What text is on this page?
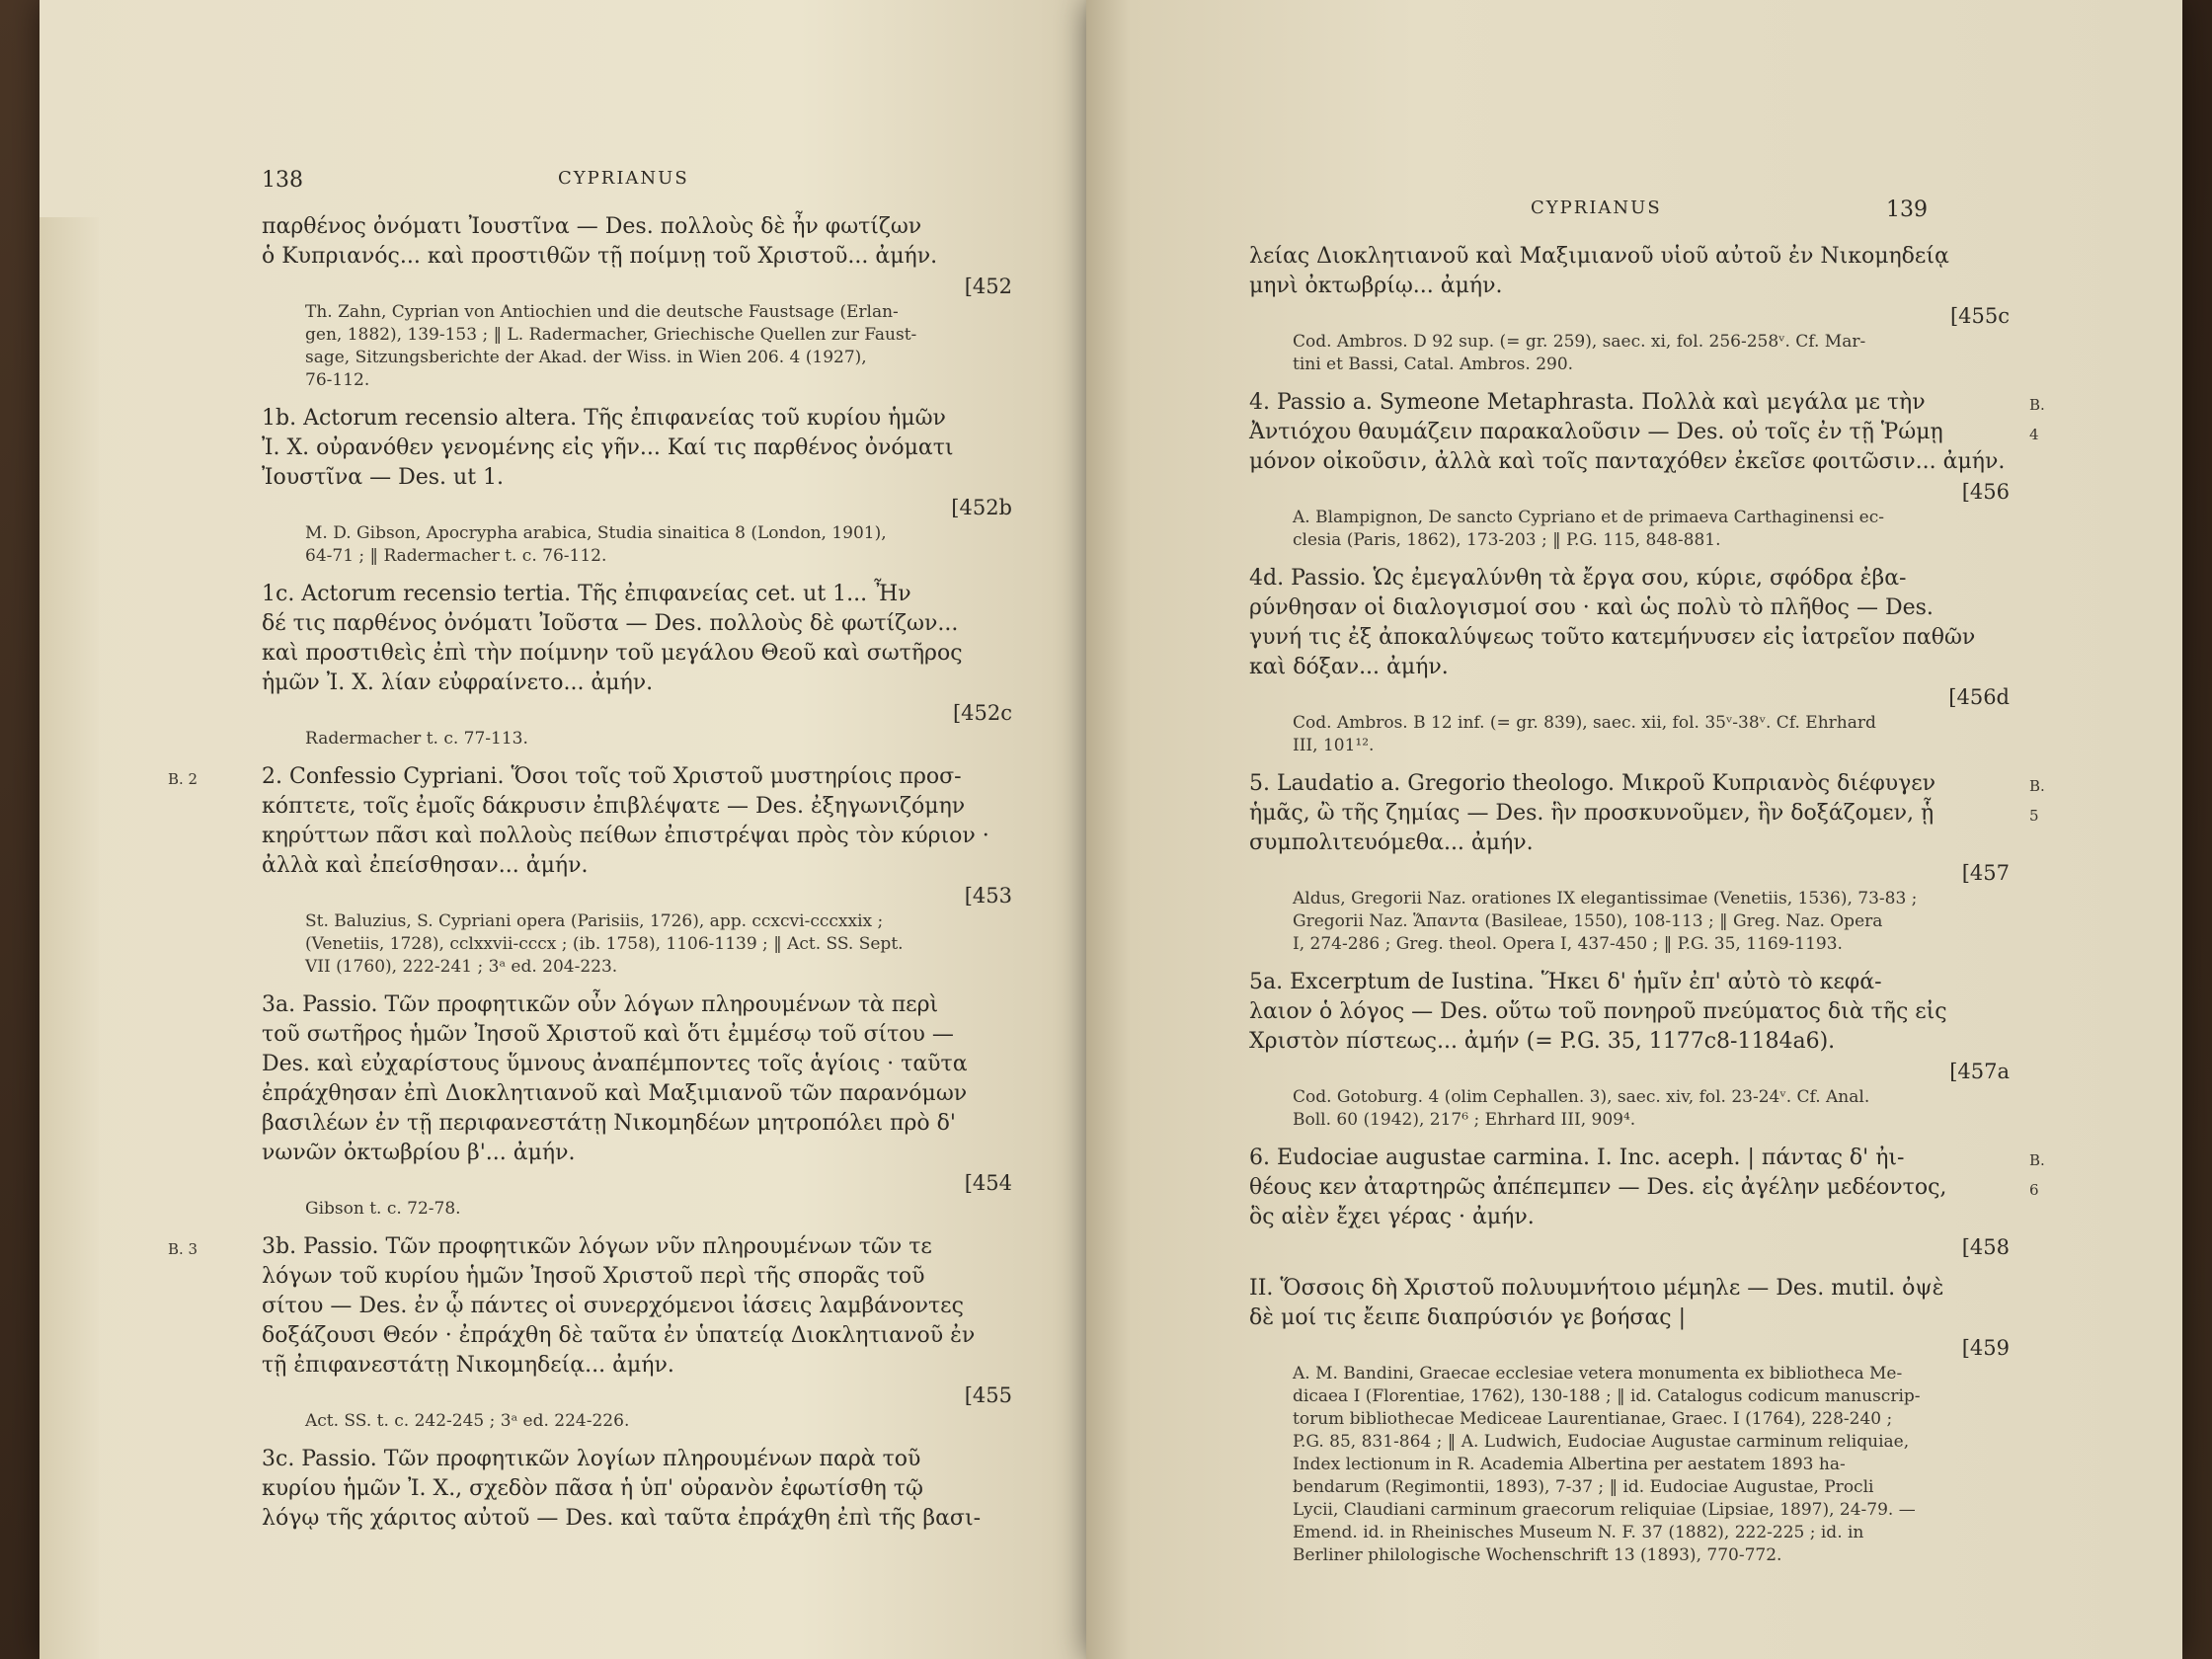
138	CYPRIANUS
παρθένος ὀνόματι Ἰουστῖνα — Des. πολλοὺς δὲ ἦν φωτίζων
ὁ Κυπριανός... καὶ προστιθῶν τῇ ποίμνῃ τοῦ Χριστοῦ... ἀμήν.
[452
Th. Zahn, Cyprian von Antiochien und die deutsche Faustsage (Erlan-
gen, 1882), 139-153 ; ‖ L. Radermacher, Griechische Quellen zur Faust-
sage, Sitzungsberichte der Akad. der Wiss. in Wien 206. 4 (1927),
76-112.
1b. Actorum recensio altera. Τῆς ἐπιφανείας τοῦ κυρίου ἡμῶν
Ἰ. Χ. οὐρανόθεν γενομένης εἰς γῆν... Καί τις παρθένος ὀνόματι
Ἰουστῖνα — Des. ut 1.
[452b
M. D. Gibson, Apocrypha arabica, Studia sinaitica 8 (London, 1901),
64-71 ; ‖ Radermacher t. c. 76-112.
1c. Actorum recensio tertia. Τῆς ἐπιφανείας cet. ut 1... Ἦν
δέ τις παρθένος ὀνόματι Ἰοῦστα — Des. πολλοὺς δὲ φωτίζων...
καὶ προστιθεὶς ἐπὶ τὴν ποίμνην τοῦ μεγάλου Θεοῦ καὶ σωτῆρος
ἡμῶν Ἰ. Χ. λίαν εὐφραίνετο... ἀμήν.
[452c
Radermacher t. c. 77-113.
B. 2	2. Confessio Cypriani. Ὅσοι τοῖς τοῦ Χριστοῦ μυστηρίοις προσ-
κόπτετε, τοῖς ἐμοῖς δάκρυσιν ἐπιβλέψατε — Des. ἐξηγωνιζόμην
κηρύττων πᾶσι καὶ πολλοὺς πείθων ἐπιστρέψαι πρὸς τὸν κύριον ·
ἀλλὰ καὶ ἐπείσθησαν... ἀμήν.
[453
St. Baluzius, S. Cypriani opera (Parisiis, 1726), app. ccxcvi-cccxxix ;
(Venetiis, 1728), cclxxvii-cccx ; (ib. 1758), 1106-1139 ; ‖ Act. SS. Sept.
VII (1760), 222-241 ; 3ᵃ ed. 204-223.
3a. Passio. Τῶν προφητικῶν οὖν λόγων πληρουμένων τὰ περὶ
τοῦ σωτῆρος ἡμῶν Ἰησοῦ Χριστοῦ καὶ ὅτι ἐμμέσῳ τοῦ σίτου —
Des. καὶ εὐχαρίστους ὕμνους ἀναπέμποντες τοῖς ἁγίοις · ταῦτα
ἐπράχθησαν ἐπὶ Διοκλητιανοῦ καὶ Μαξιμιανοῦ τῶν παρανόμων
βασιλέων ἐν τῇ περιφανεστάτῃ Νικομηδέων μητροπόλει πρὸ δ'
νωνῶν ὀκτωβρίου β'... ἀμήν.
[454
Gibson t. c. 72-78.
B. 3	3b. Passio. Τῶν προφητικῶν λόγων νῦν πληρουμένων τῶν τε
λόγων τοῦ κυρίου ἡμῶν Ἰησοῦ Χριστοῦ περὶ τῆς σπορᾶς τοῦ
σίτου — Des. ἐν ᾧ πάντες οἱ συνερχόμενοι ἰάσεις λαμβάνοντες
δοξάζουσι Θεόν · ἐπράχθη δὲ ταῦτα ἐν ὑπατείᾳ Διοκλητιανοῦ ἐν
τῇ ἐπιφανεστάτῃ Νικομηδείᾳ... ἀμήν.
[455
Act. SS. t. c. 242-245 ; 3ᵃ ed. 224-226.
3c. Passio. Τῶν προφητικῶν λογίων πληρουμένων παρὰ τοῦ
κυρίου ἡμῶν Ἰ. Χ., σχεδὸν πᾶσα ἡ ὑπ' οὐρανὸν ἐφωτίσθη τῷ
λόγῳ τῆς χάριτος αὐτοῦ — Des. καὶ ταῦτα ἐπράχθη ἐπὶ τῆς βασι-
CYPRIANUS	139
λείας Διοκλητιανοῦ καὶ Μαξιμιανοῦ υἱοῦ αὐτοῦ ἐν Νικομηδείᾳ
μηνὶ ὀκτωβρίῳ... ἀμήν.
[455c
Cod. Ambros. D 92 sup. (= gr. 259), saec. xi, fol. 256-258ᵛ. Cf. Mar-
tini et Bassi, Catal. Ambros. 290.
B. 4
4. Passio a. Symeone Metaphrasta. Πολλὰ καὶ μεγάλα με τὴν
Ἀντιόχου θαυμάζειν παρακαλοῦσιν — Des. οὐ τοῖς ἐν τῇ Ῥώμῃ
μόνον οἰκοῦσιν, ἀλλὰ καὶ τοῖς πανταχόθεν ἐκεῖσε φοιτῶσιν... ἀμήν.
[456
A. Blampignon, De sancto Cypriano et de primaeva Carthaginensi ec-
clesia (Paris, 1862), 173-203 ; ‖ P.G. 115, 848-881.
4d. Passio. Ὡς ἐμεγαλύνθη τὰ ἔργα σου, κύριε, σφόδρα ἐβα-
ρύνθησαν οἱ διαλογισμοί σου · καὶ ὡς πολὺ τὸ πλῆθος — Des.
γυνή τις ἐξ ἀποκαλύψεως τοῦτο κατεμήνυσεν εἰς ἰατρεῖον παθῶν
καὶ δόξαν... ἀμήν.
[456d
Cod. Ambros. B 12 inf. (= gr. 839), saec. xii, fol. 35ᵛ-38ᵛ. Cf. Ehrhard
III, 101¹².
B. 5
5. Laudatio a. Gregorio theologo. Μικροῦ Κυπριανὸς διέφυγεν
ἡμᾶς, ὢ τῆς ζημίας — Des. ἣν προσκυνοῦμεν, ἣν δοξάζομεν, ᾗ
συμπολιτευόμεθα... ἀμήν.
[457
Aldus, Gregorii Naz. orationes IX elegantissimae (Venetiis, 1536), 73-83 ;
Gregorii Naz. Ἅπαντα (Basileae, 1550), 108-113 ; ‖ Greg. Naz. Opera
I, 274-286 ; Greg. theol. Opera I, 437-450 ; ‖ P.G. 35, 1169-1193.
5a. Excerptum de Iustina. Ἥκει δ' ἡμῖν ἐπ' αὐτὸ τὸ κεφά-
λαιον ὁ λόγος — Des. οὕτω τοῦ πονηροῦ πνεύματος διὰ τῆς εἰς
Χριστὸν πίστεως... ἀμήν (= P.G. 35, 1177c8-1184a6).
[457a
Cod. Gotoburg. 4 (olim Cephallen. 3), saec. xiv, fol. 23-24ᵛ. Cf. Anal.
Boll. 60 (1942), 217⁶ ; Ehrhard III, 909⁴.
B. 6
6. Eudociae augustae carmina. I. Inc. aceph. | πάντας δ' ἠι-
θέους κεν ἀταρτηρῶς ἀπέπεμπεν — Des. εἰς ἀγέλην μεδέοντος,
ὃς αἰὲν ἔχει γέρας · ἀμήν.
[458
II. Ὅσσοις δὴ Χριστοῦ πολυυμνήτοιο μέμηλε — Des. mutil. ὀψὲ
δὲ μοί τις ἔειπε διαπρύσιόν γε βοήσας |
[459
A. M. Bandini, Graecae ecclesiae vetera monumenta ex bibliotheca Me-
dicaea I (Florentiae, 1762), 130-188 ; ‖ id. Catalogus codicum manuscrip-
torum bibliothecae Mediceae Laurentianae, Graec. I (1764), 228-240 ;
P.G. 85, 831-864 ; ‖ A. Ludwich, Eudociae Augustae carminum reliquiae,
Index lectionum in R. Academia Albertina per aestatem 1893 ha-
bendarum (Regimontii, 1893), 7-37 ; ‖ id. Eudociae Augustae, Procli
Lycii, Claudiani carminum graecorum reliquiae (Lipsiae, 1897), 24-79. —
Emend. id. in Rheinisches Museum N. F. 37 (1882), 222-225 ; id. in
Berliner philologische Wochenschrift 13 (1893), 770-772.
